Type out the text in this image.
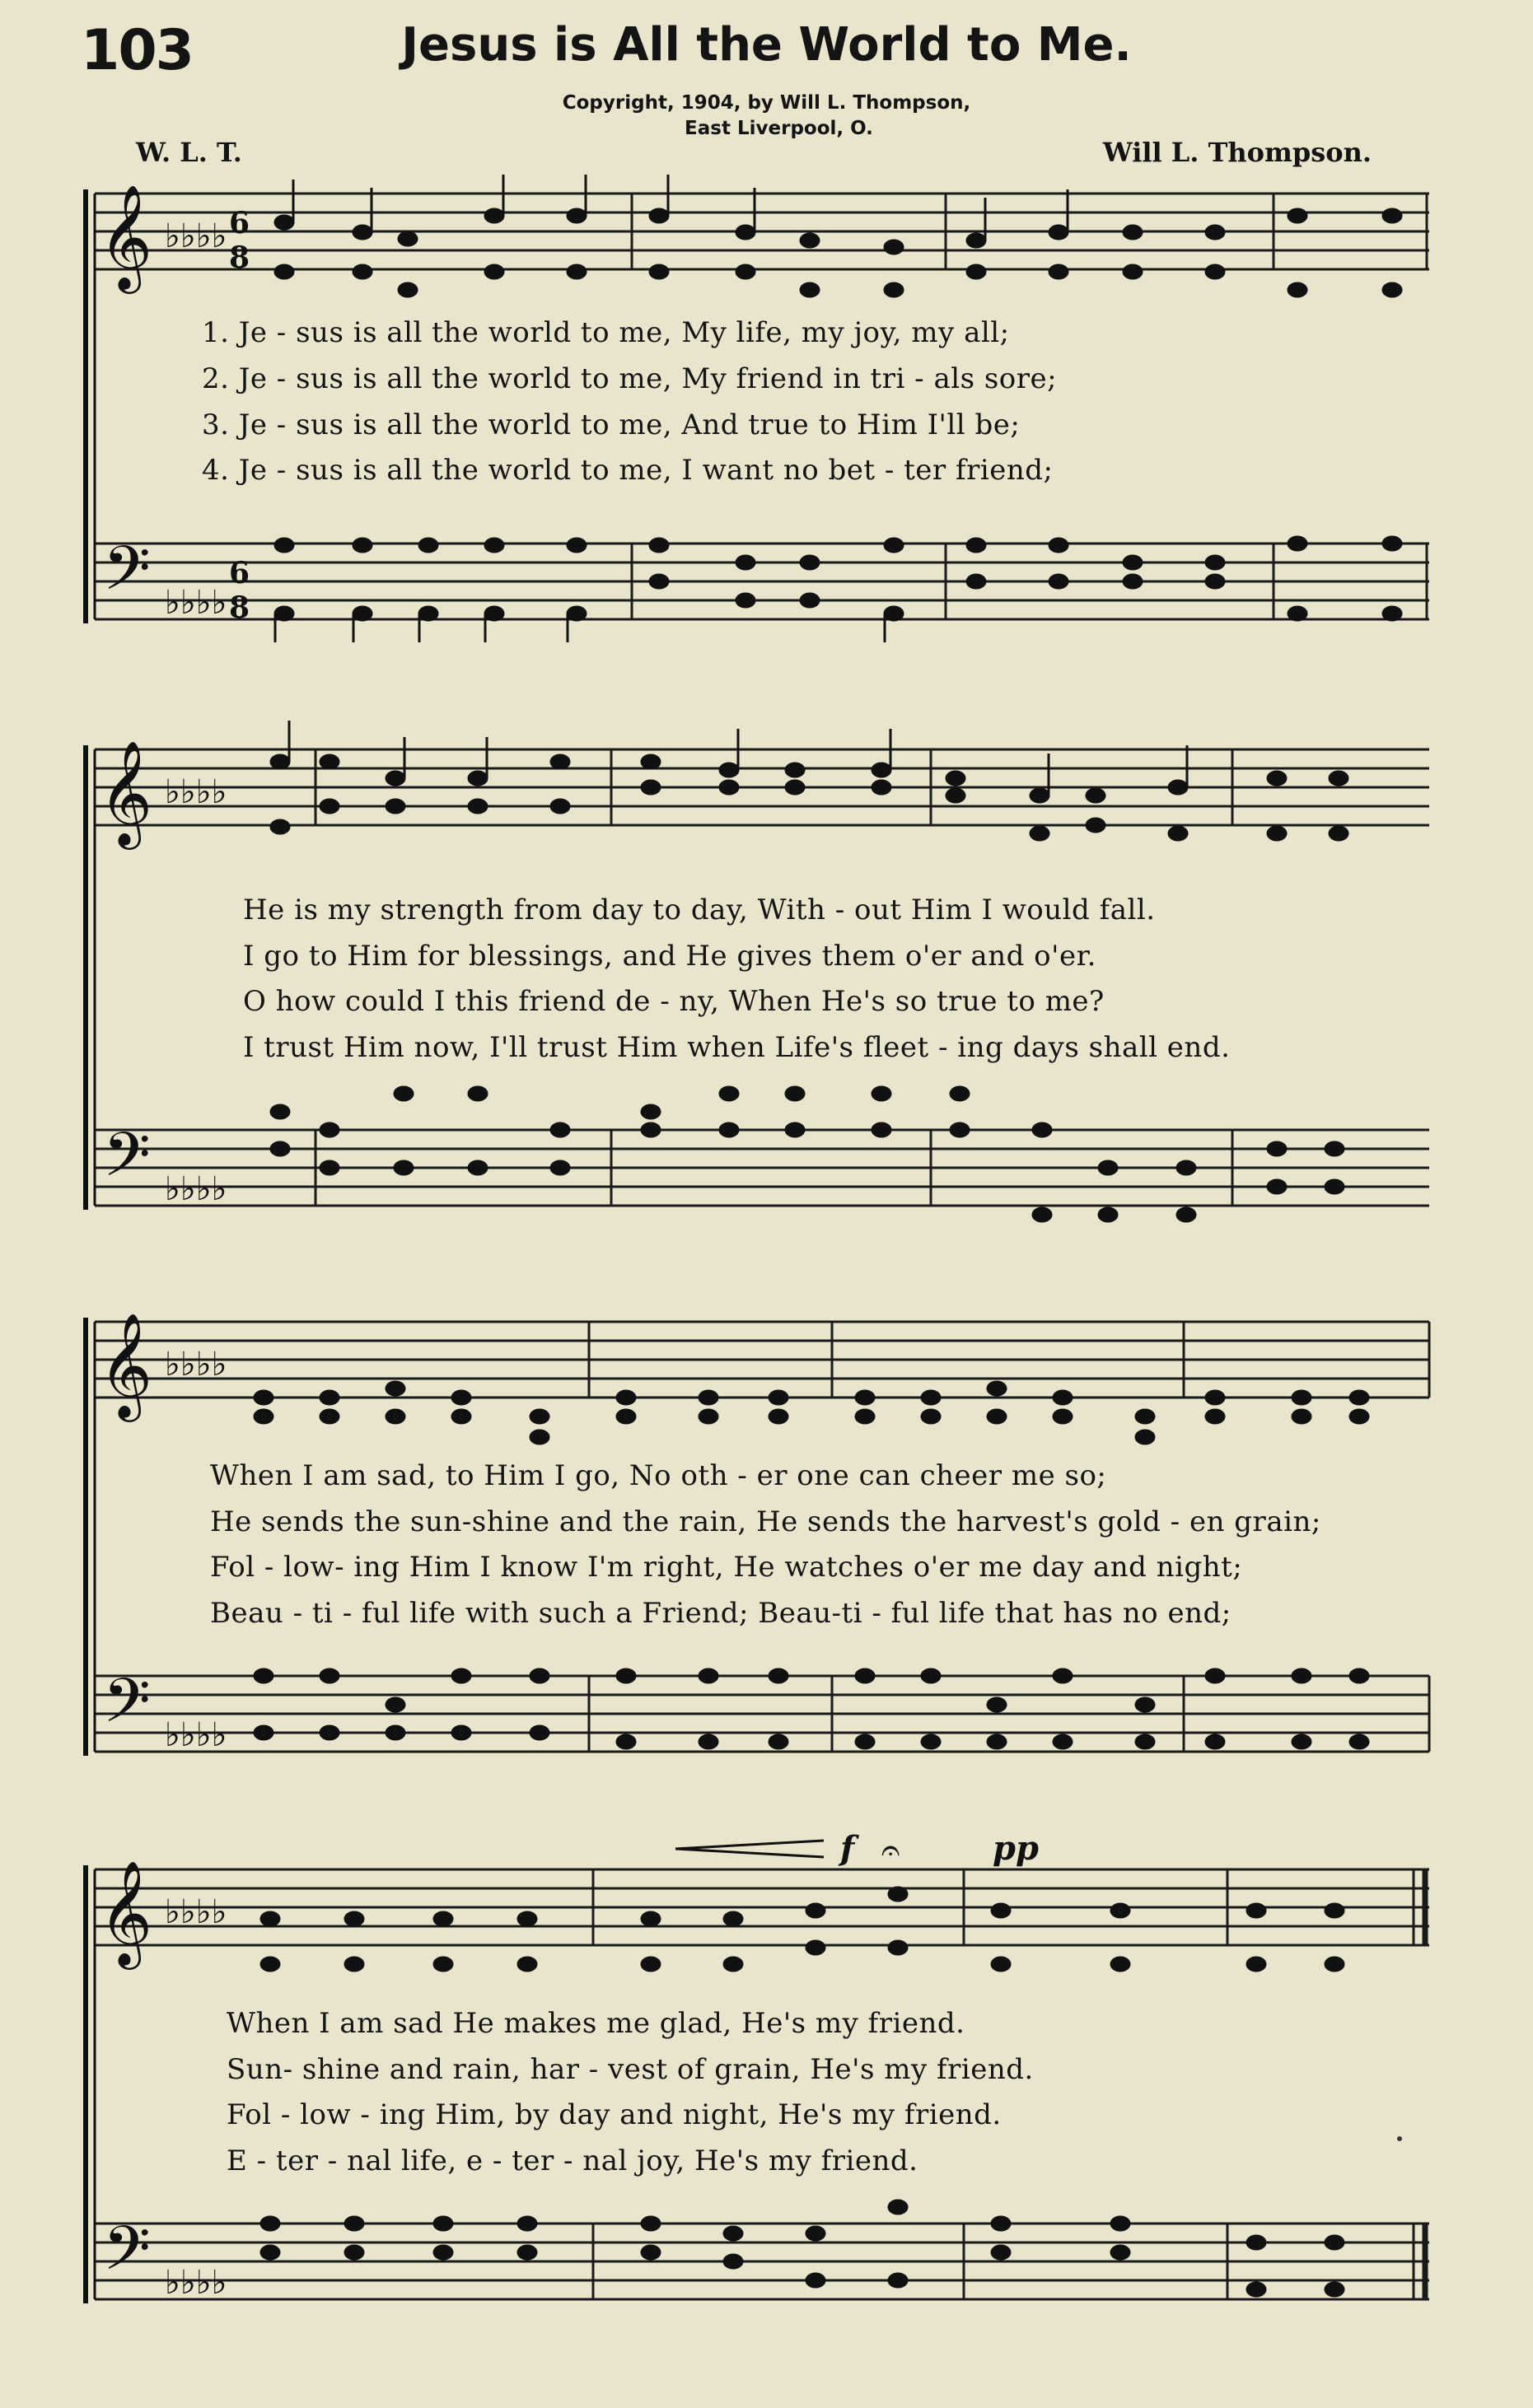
103	Jesus is All the World to Me.
Copyright, 1904, by Will L. Thompson,
East Liverpool, O.
W. L. T.	Will L. Thompson.
𝄞
𝄢
♭♭♭♭
♭♭♭♭
6
8
6
8
1. Je - sus is all the world to me, My life, my joy, my all;
2. Je - sus is all the world to me, My friend in tri - als sore;
3. Je - sus is all the world to me, And true to Him I'll be;
4. Je - sus is all the world to me, I want no bet - ter friend;
𝄞
𝄢
♭♭♭♭
♭♭♭♭
He is my strength from day to day, With - out Him I would fall.
I go to Him for blessings, and He gives them o'er and o'er.
O how could I this friend de - ny, When He's so true to me?
I trust Him now, I'll trust Him when Life's fleet - ing days shall end.
𝄞
𝄢
♭♭♭♭
♭♭♭♭
When I am sad, to Him I go, No oth - er one can cheer me so;
He sends the sun-shine and the rain, He sends the harvest's gold - en grain;
Fol - low- ing Him I know I'm right, He watches o'er me day and night;
Beau - ti - ful life with such a Friend; Beau-ti - ful life that has no end;
f 𝄐	pp
𝄞
𝄢
♭♭♭♭
♭♭♭♭
When I am sad He makes me glad, He's my friend.
Sun- shine and rain, har - vest of grain, He's my friend.
Fol - low - ing Him, by day and night, He's my friend.
E - ter - nal life, e - ter - nal joy, He's my friend.
